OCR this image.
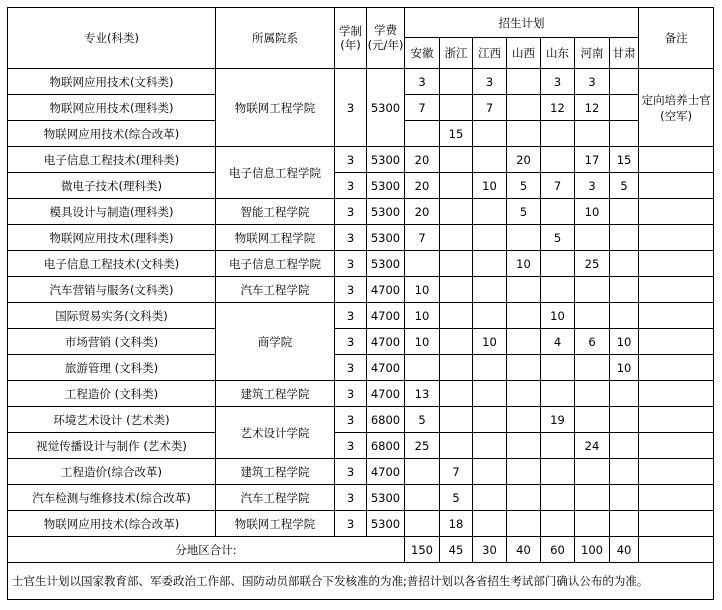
专业(科类)	所属院系	学制(年)	学费(元/年)	招生计划							备注
				安徽	浙江	江西	山西	山东	河南	甘肃	
物联网应用技术(文科类)	物联网工程学院	3	5300	3		3		3	3		定向培养士官(空军)
物联网应用技术(理科类)				7		7		12	12		
物联网应用技术(综合改革)					15						
电子信息工程技术(理科类)	电子信息工程学院	3	5300	20			20		17	15	
微电子技术(理科类)		3	5300	20		10	5	7	3	5	
模具设计与制造(理科类)	智能工程学院	3	5300	20			5		10		
物联网应用技术(理科类)	物联网工程学院	3	5300	7				5			
电子信息工程技术(文科类)	电子信息工程学院	3	5300				10		25		
汽车营销与服务(文科类)	汽车工程学院	3	4700	10							
国际贸易实务(文科类)	商学院	3	4700	10				10			
市场营销 (文科类)		3	4700	10		10		4	6	10	
旅游管理 (文科类)		3	4700							10	
工程造价 (文科类)	建筑工程学院	3	4700	13							
环境艺术设计 (艺术类)	艺术设计学院	3	6800	5				19			
视觉传播设计与制作 (艺术类)		3	6800	25					24		
工程造价(综合改革)	建筑工程学院	3	4700		7						
汽车检测与维修技术(综合改革)	汽车工程学院	3	5300		5						
物联网应用技术(综合改革)	物联网工程学院	3	5300		18						
分地区合计:				150	45	30	40	60	100	40	
士官生计划以国家教育部、军委政治工作部、国防动员部联合下发核准的为准;普招计划以各省招生考试部门确认公布的为准。											
